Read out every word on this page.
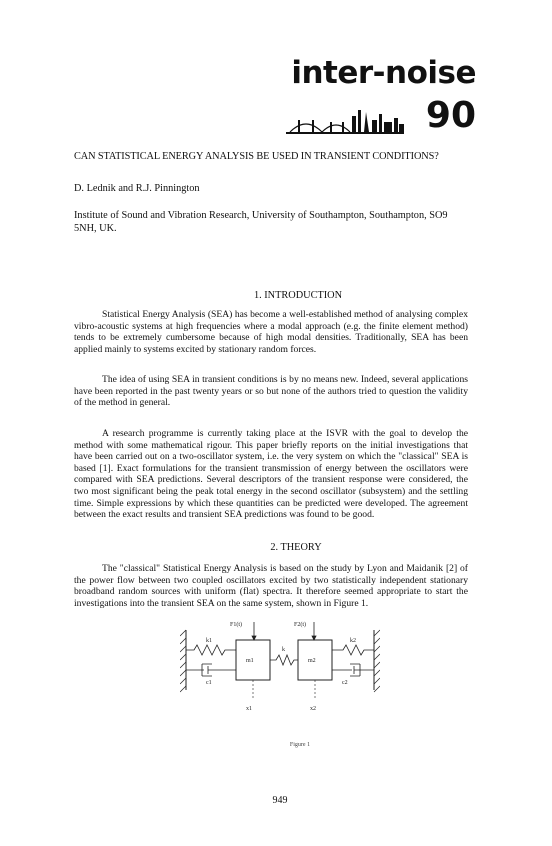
inter-noise
90
CAN STATISTICAL ENERGY ANALYSIS BE USED IN TRANSIENT CONDITIONS?
D. Lednik and R.J. Pinnington
Institute of Sound and Vibration Research, University of Southampton, Southampton, SO9 5NH, UK.
1. INTRODUCTION
Statistical Energy Analysis (SEA) has become a well-established method of analysing complex vibro-acoustic systems at high frequencies where a modal approach (e.g. the finite element method) tends to be extremely cumbersome because of high modal densities. Traditionally, SEA has been applied mainly to systems excited by stationary random forces.
The idea of using SEA in transient conditions is by no means new. Indeed, several applications have been reported in the past twenty years or so but none of the authors tried to question the validity of the method in general.
A research programme is currently taking place at the ISVR with the goal to develop the method with some mathematical rigour. This paper briefly reports on the initial investigations that have been carried out on a two-oscillator system, i.e. the very system on which the "classical" SEA is based [1]. Exact formulations for the transient transmission of energy between the oscillators were compared with SEA predictions. Several descriptors of the transient response were considered, the two most significant being the peak total energy in the second oscillator (subsystem) and the settling time. Simple expressions by which these quantities can be predicted were developed. The agreement between the exact results and transient SEA predictions was found to be good.
2. THEORY
The "classical" Statistical Energy Analysis is based on the study by Lyon and Maidanik [2] of the power flow between two coupled oscillators excited by two statistically independent stationary broadband random sources with uniform (flat) spectra. It therefore seemed appropriate to start the investigations into the transient SEA on the same system, shown in Figure 1.
F1(t)	F2(t)
k1	k2
k
m1	m2
c1	c2
x1	x2
Figure 1
949
